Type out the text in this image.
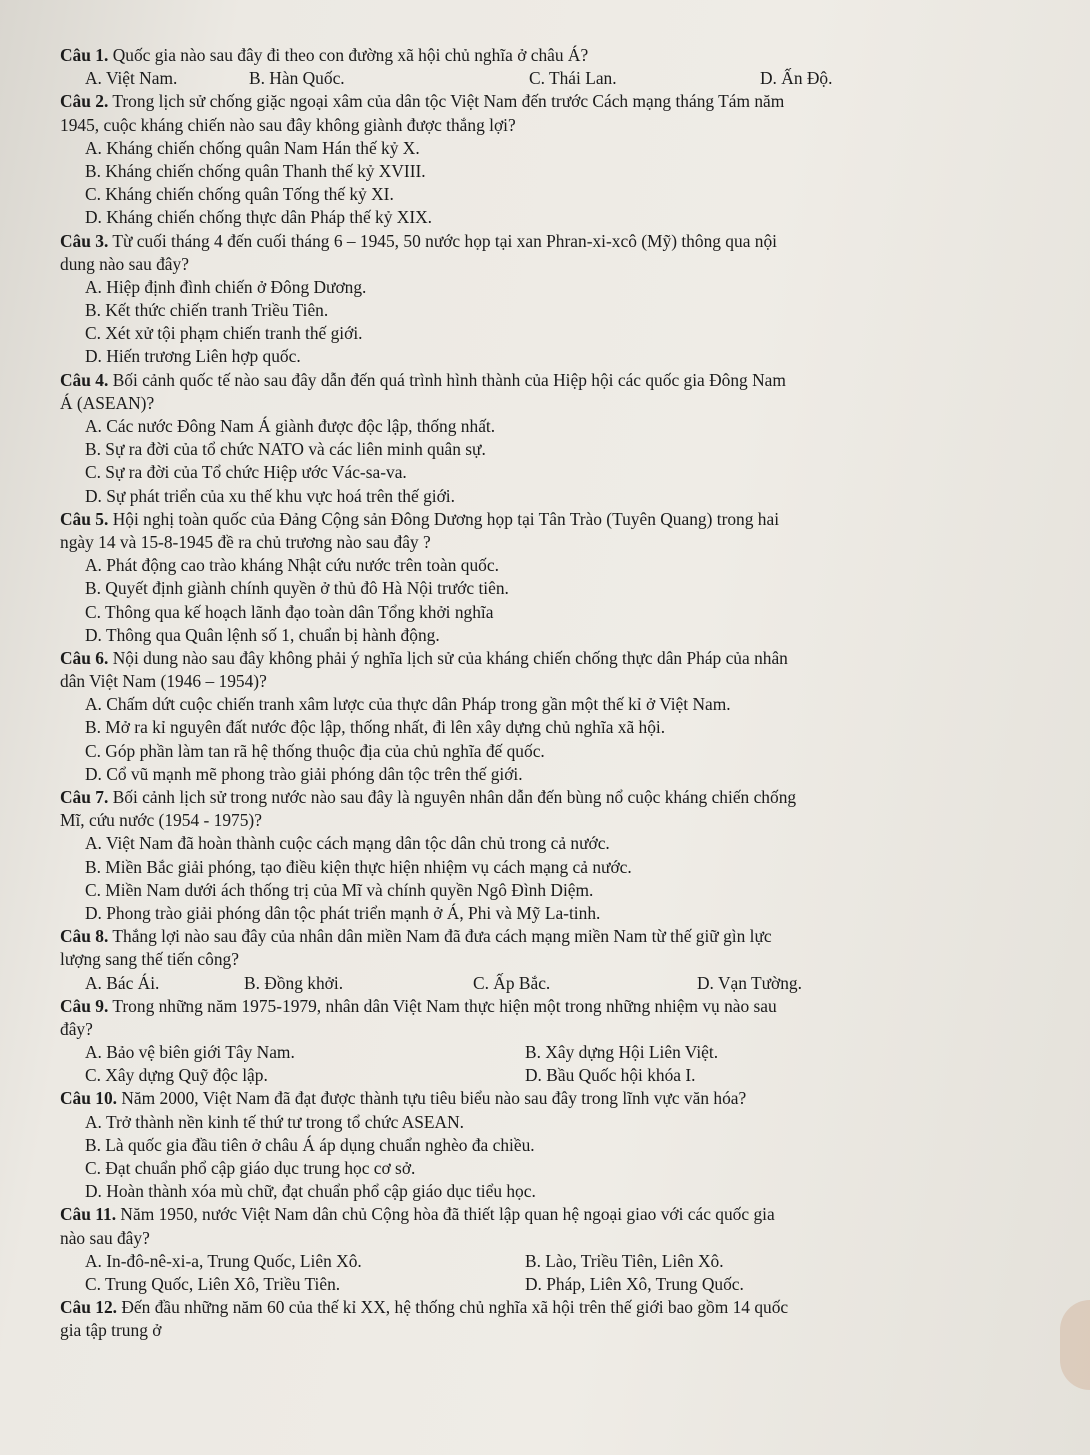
Câu 1. Quốc gia nào sau đây đi theo con đường xã hội chủ nghĩa ở châu Á?
A. Việt Nam.	B. Hàn Quốc.	C. Thái Lan.	D. Ấn Độ.
Câu 2. Trong lịch sử chống giặc ngoại xâm của dân tộc Việt Nam đến trước Cách mạng tháng Tám năm
1945, cuộc kháng chiến nào sau đây không giành được thắng lợi?
A. Kháng chiến chống quân Nam Hán thế kỷ X.
B. Kháng chiến chống quân Thanh thế kỷ XVIII.
C. Kháng chiến chống quân Tống thế kỷ XI.
D. Kháng chiến chống thực dân Pháp thế kỷ XIX.
Câu 3. Từ cuối tháng 4 đến cuối tháng 6 – 1945, 50 nước họp tại xan Phran-xi-xcô (Mỹ) thông qua nội
dung nào sau đây?
A. Hiệp định đình chiến ở Đông Dương.
B. Kết thức chiến tranh Triều Tiên.
C. Xét xử tội phạm chiến tranh thế giới.
D. Hiến trương Liên hợp quốc.
Câu 4. Bối cảnh quốc tế nào sau đây dẫn đến quá trình hình thành của Hiệp hội các quốc gia Đông Nam
Á (ASEAN)?
A. Các nước Đông Nam Á giành được độc lập, thống nhất.
B. Sự ra đời của tổ chức NATO và các liên minh quân sự.
C. Sự ra đời của Tổ chức Hiệp ước Vác-sa-va.
D. Sự phát triển của xu thế khu vực hoá trên thế giới.
Câu 5. Hội nghị toàn quốc của Đảng Cộng sản Đông Dương họp tại Tân Trào (Tuyên Quang) trong hai
ngày 14 và 15-8-1945 đề ra chủ trương nào sau đây ?
A. Phát động cao trào kháng Nhật cứu nước trên toàn quốc.
B. Quyết định giành chính quyền ở thủ đô Hà Nội trước tiên.
C. Thông qua kế hoạch lãnh đạo toàn dân Tổng khởi nghĩa
D. Thông qua Quân lệnh số 1, chuẩn bị hành động.
Câu 6. Nội dung nào sau đây không phải ý nghĩa lịch sử của kháng chiến chống thực dân Pháp của nhân
dân Việt Nam (1946 – 1954)?
A. Chấm dứt cuộc chiến tranh xâm lược của thực dân Pháp trong gần một thế kỉ ở Việt Nam.
B. Mở ra kỉ nguyên đất nước độc lập, thống nhất, đi lên xây dựng chủ nghĩa xã hội.
C. Góp phần làm tan rã hệ thống thuộc địa của chủ nghĩa đế quốc.
D. Cổ vũ mạnh mẽ phong trào giải phóng dân tộc trên thế giới.
Câu 7. Bối cảnh lịch sử trong nước nào sau đây là nguyên nhân dẫn đến bùng nổ cuộc kháng chiến chống
Mĩ, cứu nước (1954 - 1975)?
A. Việt Nam đã hoàn thành cuộc cách mạng dân tộc dân chủ trong cả nước.
B. Miền Bắc giải phóng, tạo điều kiện thực hiện nhiệm vụ cách mạng cả nước.
C. Miền Nam dưới ách thống trị của Mĩ và chính quyền Ngô Đình Diệm.
D. Phong trào giải phóng dân tộc phát triển mạnh ở Á, Phi và Mỹ La-tinh.
Câu 8. Thắng lợi nào sau đây của nhân dân miền Nam đã đưa cách mạng miền Nam từ thế giữ gìn lực
lượng sang thế tiến công?
A. Bác Ái.	B. Đồng khởi.	C. Ấp Bắc.	D. Vạn Tường.
Câu 9. Trong những năm 1975-1979, nhân dân Việt Nam thực hiện một trong những nhiệm vụ nào sau
đây?
A. Bảo vệ biên giới Tây Nam.	B. Xây dựng Hội Liên Việt.
C. Xây dựng Quỹ độc lập.	D. Bầu Quốc hội khóa I.
Câu 10. Năm 2000, Việt Nam đã đạt được thành tựu tiêu biểu nào sau đây trong lĩnh vực văn hóa?
A. Trở thành nền kinh tế thứ tư trong tổ chức ASEAN.
B. Là quốc gia đầu tiên ở châu Á áp dụng chuẩn nghèo đa chiều.
C. Đạt chuẩn phổ cập giáo dục trung học cơ sở.
D. Hoàn thành xóa mù chữ, đạt chuẩn phổ cập giáo dục tiểu học.
Câu 11. Năm 1950, nước Việt Nam dân chủ Cộng hòa đã thiết lập quan hệ ngoại giao với các quốc gia
nào sau đây?
A. In-đô-nê-xi-a, Trung Quốc, Liên Xô.	B. Lào, Triều Tiên, Liên Xô.
C. Trung Quốc, Liên Xô, Triều Tiên.	D. Pháp, Liên Xô, Trung Quốc.
Câu 12. Đến đầu những năm 60 của thế kỉ XX, hệ thống chủ nghĩa xã hội trên thế giới bao gồm 14 quốc
gia tập trung ở
